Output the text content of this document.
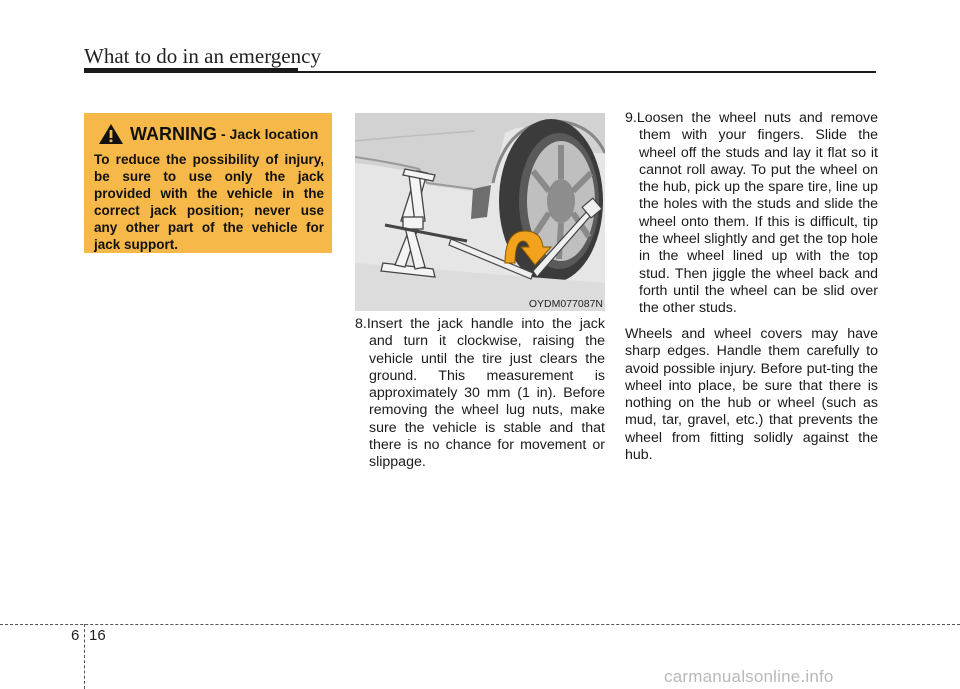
What to do in an emergency
WARNING - Jack location
To reduce the possibility of injury, be sure to use only the jack provided with the vehicle in the correct jack position; never use any other part of the vehicle for jack support.
OYDM077087N
8.Insert the jack handle into the jack and turn it clockwise, raising the vehicle until the tire just clears the ground. This measurement is approximately 30 mm (1 in). Before removing the wheel lug nuts, make sure the vehicle is stable and that there is no chance for movement or slippage.
9.Loosen the wheel nuts and remove them with your fingers. Slide the wheel off the studs and lay it flat so it cannot roll away. To put the wheel on the hub, pick up the spare tire, line up the holes with the studs and slide the wheel onto them. If this is difficult, tip the wheel slightly and get the top hole in the wheel lined up with the top stud. Then jiggle the wheel back and forth until the wheel can be slid over the other studs.
Wheels and wheel covers may have sharp edges. Handle them carefully to avoid possible injury. Before put-ting the wheel into place, be sure that there is nothing on the hub or wheel (such as mud, tar, gravel, etc.) that prevents the wheel from fitting solidly against the hub.
6 16
carmanualsonline.info
